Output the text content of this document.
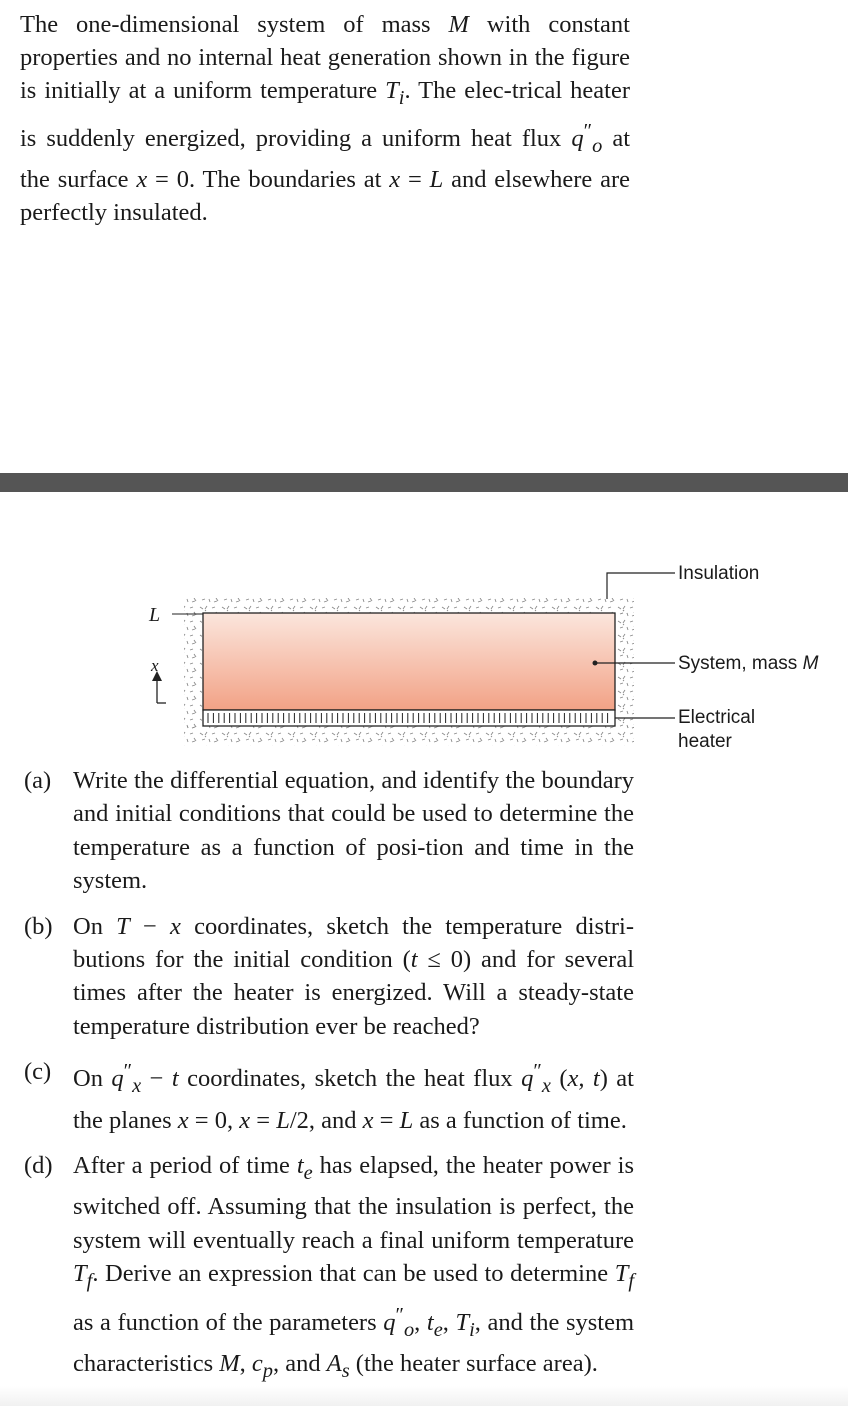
The one-dimensional system of mass M with constant properties and no internal heat generation shown in the figure is initially at a uniform temperature $T_i$. The elec-trical heater is suddenly energized, providing a uniform heat flux $q''_o$ at the surface x = 0. The boundaries at x = L and elsewhere are perfectly insulated.
L
x
Insulation
System, mass M
Electrical
heater
(a) Write the differential equation, and identify the boundary and initial conditions that could be used to determine the temperature as a function of posi-tion and time in the system.
(b) On T − x coordinates, sketch the temperature distri-butions for the initial condition (t ≤ 0) and for several times after the heater is energized. Will a steady-state temperature distribution ever be reached?
(c) On $q''_x - t$ coordinates, sketch the heat flux $q''_x$ (x, t) at the planes x = 0, x = L/2, and x = L as a function of time.
(d) After a period of time $t_e$ has elapsed, the heater power is switched off. Assuming that the insulation is perfect, the system will eventually reach a final uniform temperature $T_f$. Derive an expression that can be used to determine $T_f$ as a function of the parameters $q''_o$, $t_e$, $T_i$, and the system characteristics M, $c_p$, and $A_s$ (the heater surface area).
